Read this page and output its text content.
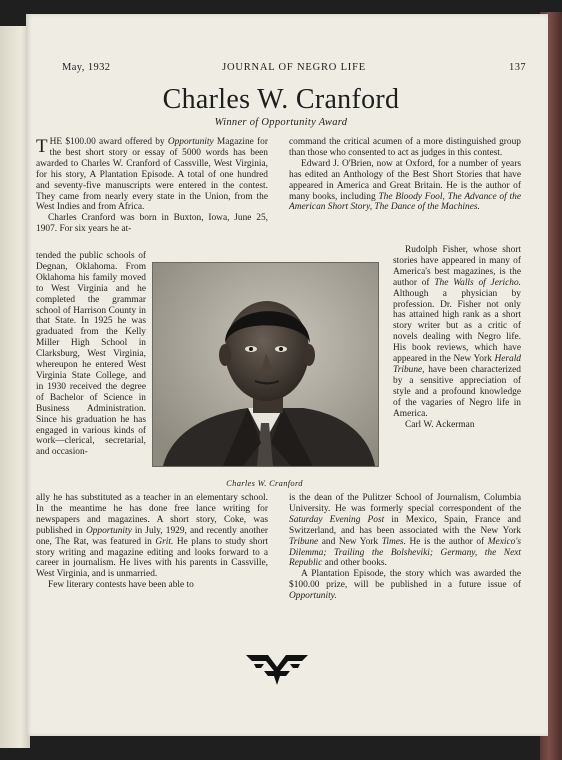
May, 1932	JOURNAL OF NEGRO LIFE	137
Charles W. Cranford

Winner of Opportunity Award

THE $100.00 award offered by Opportunity Magazine for the best short story or essay of 5000 words has been awarded to Charles W. Cranford of Cassville, West Virginia, for his story, A Plantation Episode. A total of one hundred and seventy-five manuscripts were entered in the contest. They came from nearly every state in the Union, from the West Indies and from Africa.

Charles Cranford was born in Buxton, Iowa, June 25, 1907. For six years he at-

tended the public schools of Degnan, Oklahoma. From Oklahoma his family moved to West Virginia and he completed the grammar school of Harrison County in that State. In 1925 he was graduated from the Kelly Miller High School in Clarksburg, West Virginia, whereupon he entered West Virginia State College, and in 1930 received the degree of Bachelor of Science in Business Administration. Since his graduation he has engaged in various kinds of work—clerical, secretarial, and occasion-

ally he has substituted as a teacher in an elementary school. In the meantime he has done free lance writing for newspapers and magazines. A short story, Coke, was published in Opportunity in July, 1929, and recently another one, The Rat, was featured in Grit. He plans to study short story writing and magazine editing and looks forward to a career in journalism. He lives with his parents in Cassville, West Virginia, and is unmarried.

Few literary contests have been able to

command the critical acumen of a more distinguished group than those who consented to act as judges in this contest.

Edward J. O'Brien, now at Oxford, for a number of years has edited an Anthology of the Best Short Stories that have appeared in America and Great Britain. He is the author of many books, including The Bloody Fool, The Advance of the American Short Story, The Dance of the Machines.

Rudolph Fisher, whose short stories have appeared in many of America's best magazines, is the author of The Walls of Jericho. Although a physician by profession. Dr. Fisher not only has attained high rank as a short story writer but as a critic of novels dealing with Negro life. His book reviews, which have appeared in the New York Herald Tribune, have been characterized by a sensitive appreciation of style and a profound knowledge of the vagaries of Negro life in America.

Carl W. Ackerman

is the dean of the Pulitzer School of Journalism, Columbia University. He was formerly special correspondent of the Saturday Evening Post in Mexico, Spain, France and Switzerland, and has been associated with the New York Tribune and New York Times. He is the author of Mexico's Dilemma; Trailing the Bolsheviki; Germany, the Next Republic and other books.

A Plantation Episode, the story which was awarded the $100.00 prize, will be published in a future issue of Opportunity.

Charles W. Cranford
